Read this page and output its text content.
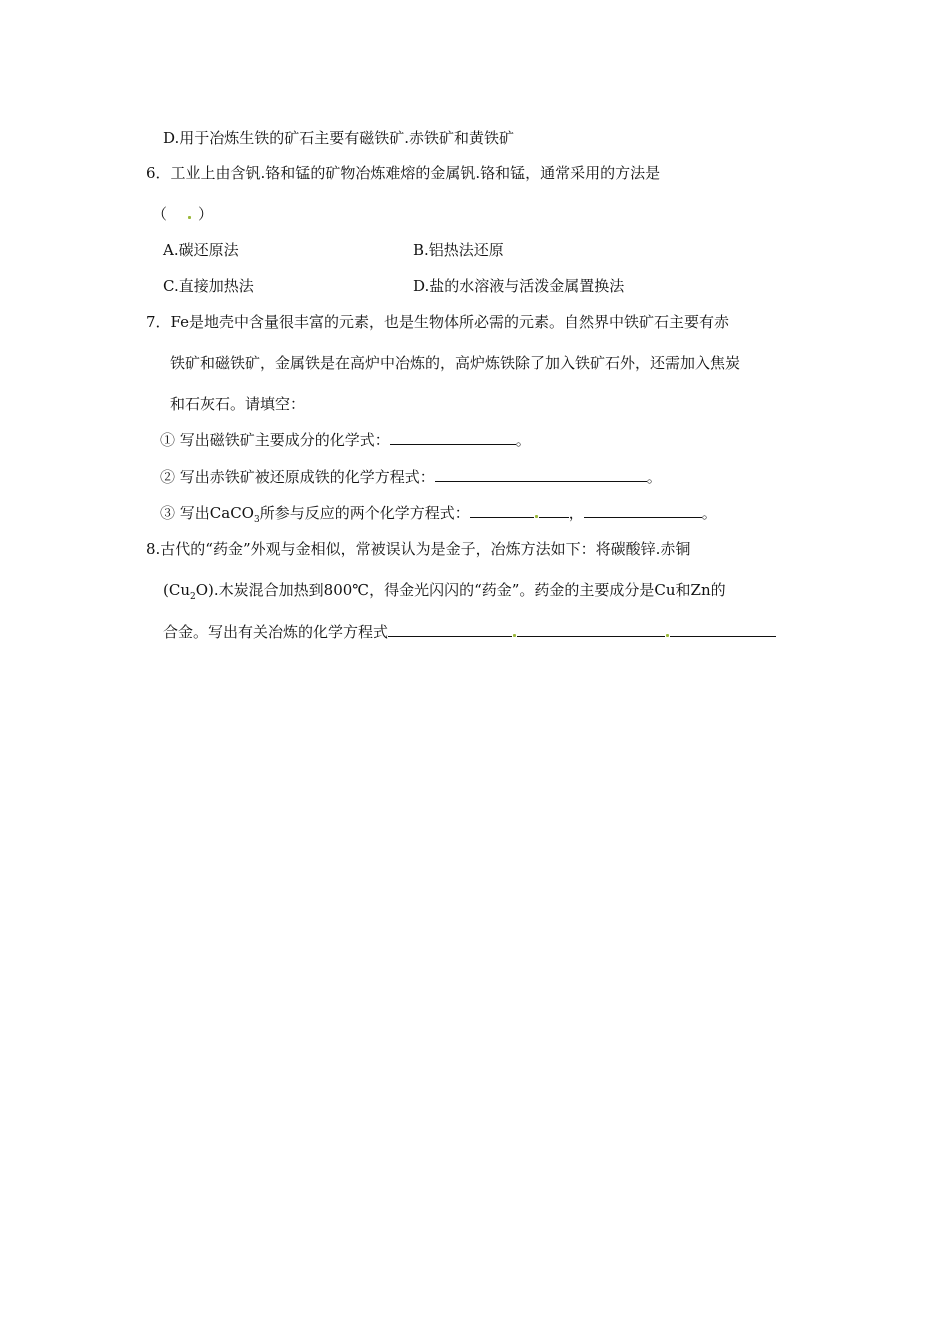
D.用于冶炼生铁的矿石主要有磁铁矿.赤铁矿和黄铁矿
6．工业上由含钒.铬和锰的矿物冶炼难熔的金属钒.铬和锰，通常采用的方法是
（ ）
A.碳还原法	B.铝热法还原
C.直接加热法	D.盐的水溶液与活泼金属置换法
7．Fe是地壳中含量很丰富的元素，也是生物体所必需的元素。自然界中铁矿石主要有赤
铁矿和磁铁矿，金属铁是在高炉中冶炼的，高炉炼铁除了加入铁矿石外，还需加入焦炭
和石灰石。请填空：
① 写出磁铁矿主要成分的化学式：	。
② 写出赤铁矿被还原成铁的化学方程式：	。
③ 写出CaCO$_3$所参与反应的两个化学方程式：	，	。
8.古代的“药金”外观与金相似，常被误认为是金子，冶炼方法如下：将碳酸锌.赤铜
$(Cu_2O)$.木炭混合加热到800℃，得金光闪闪的“药金”。药金的主要成分是Cu和Zn的
合金。写出有关冶炼的化学方程式
